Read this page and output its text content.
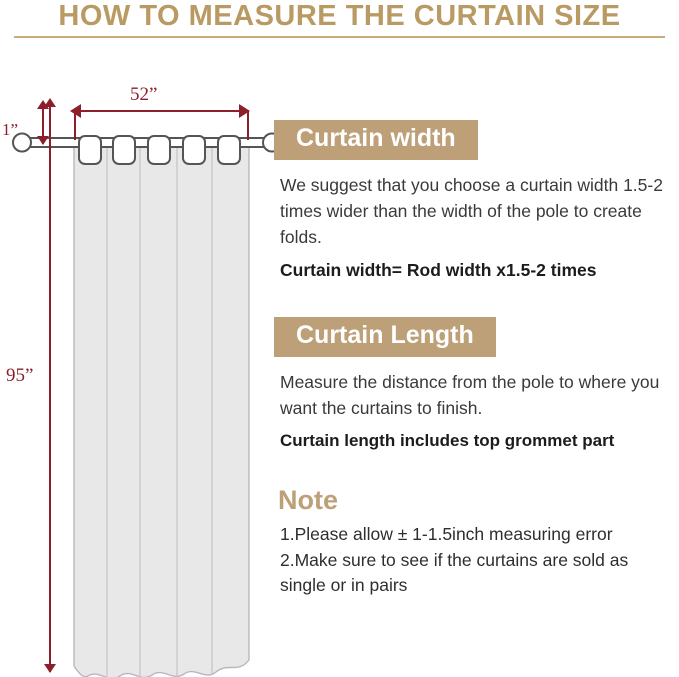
HOW TO MEASURE THE CURTAIN SIZE
52”
1”
95”
Curtain width

We suggest that you choose a curtain width 1.5-2 times wider than the width of the pole to create folds.

Curtain width= Rod width x1.5-2 times

Curtain Length

Measure the distance from the pole to where you want the curtains to finish.

Curtain length includes top grommet part

Note

1.Please allow ± 1-1.5inch measuring error

2.Make sure to see if the curtains are sold as single or in pairs
